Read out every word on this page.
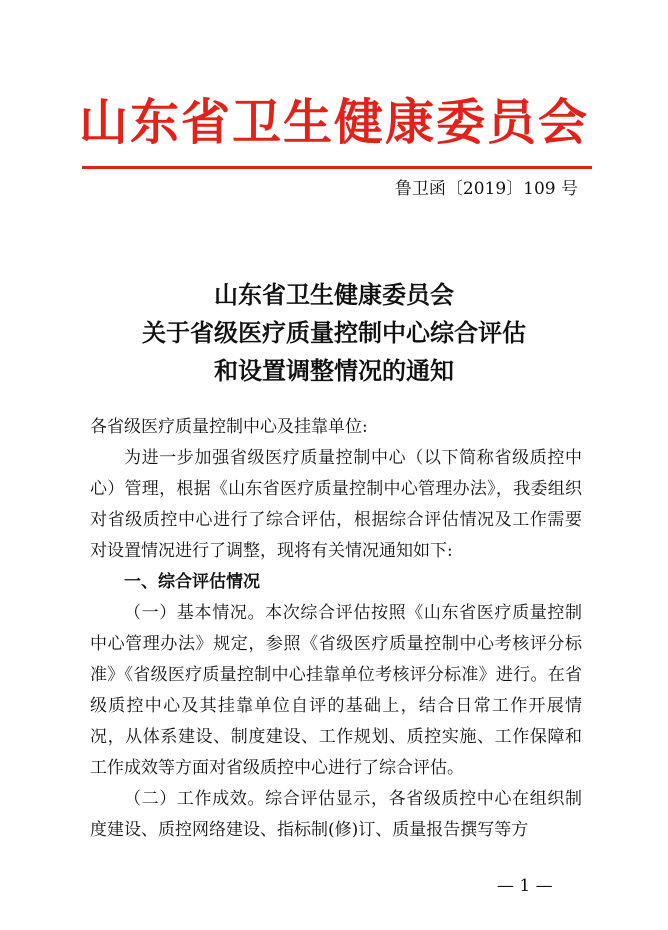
山东省卫生健康委员会
鲁卫函〔2019〕109 号
山东省卫生健康委员会
关于省级医疗质量控制中心综合评估
和设置调整情况的通知
各省级医疗质量控制中心及挂靠单位:

为进一步加强省级医疗质量控制中心（以下简称省级质控中心）管理，根据《山东省医疗质量控制中心管理办法》，我委组织对省级质控中心进行了综合评估，根据综合评估情况及工作需要对设置情况进行了调整，现将有关情况通知如下:

一、综合评估情况

（一）基本情况。本次综合评估按照《山东省医疗质量控制中心管理办法》规定，参照《省级医疗质量控制中心考核评分标准》《省级医疗质量控制中心挂靠单位考核评分标准》进行。在省级质控中心及其挂靠单位自评的基础上，结合日常工作开展情况，从体系建设、制度建设、工作规划、质控实施、工作保障和工作成效等方面对省级质控中心进行了综合评估。

（二）工作成效。综合评估显示，各省级质控中心在组织制度建设、质控网络建设、指标制(修)订、质量报告撰写等方

— 1 —
